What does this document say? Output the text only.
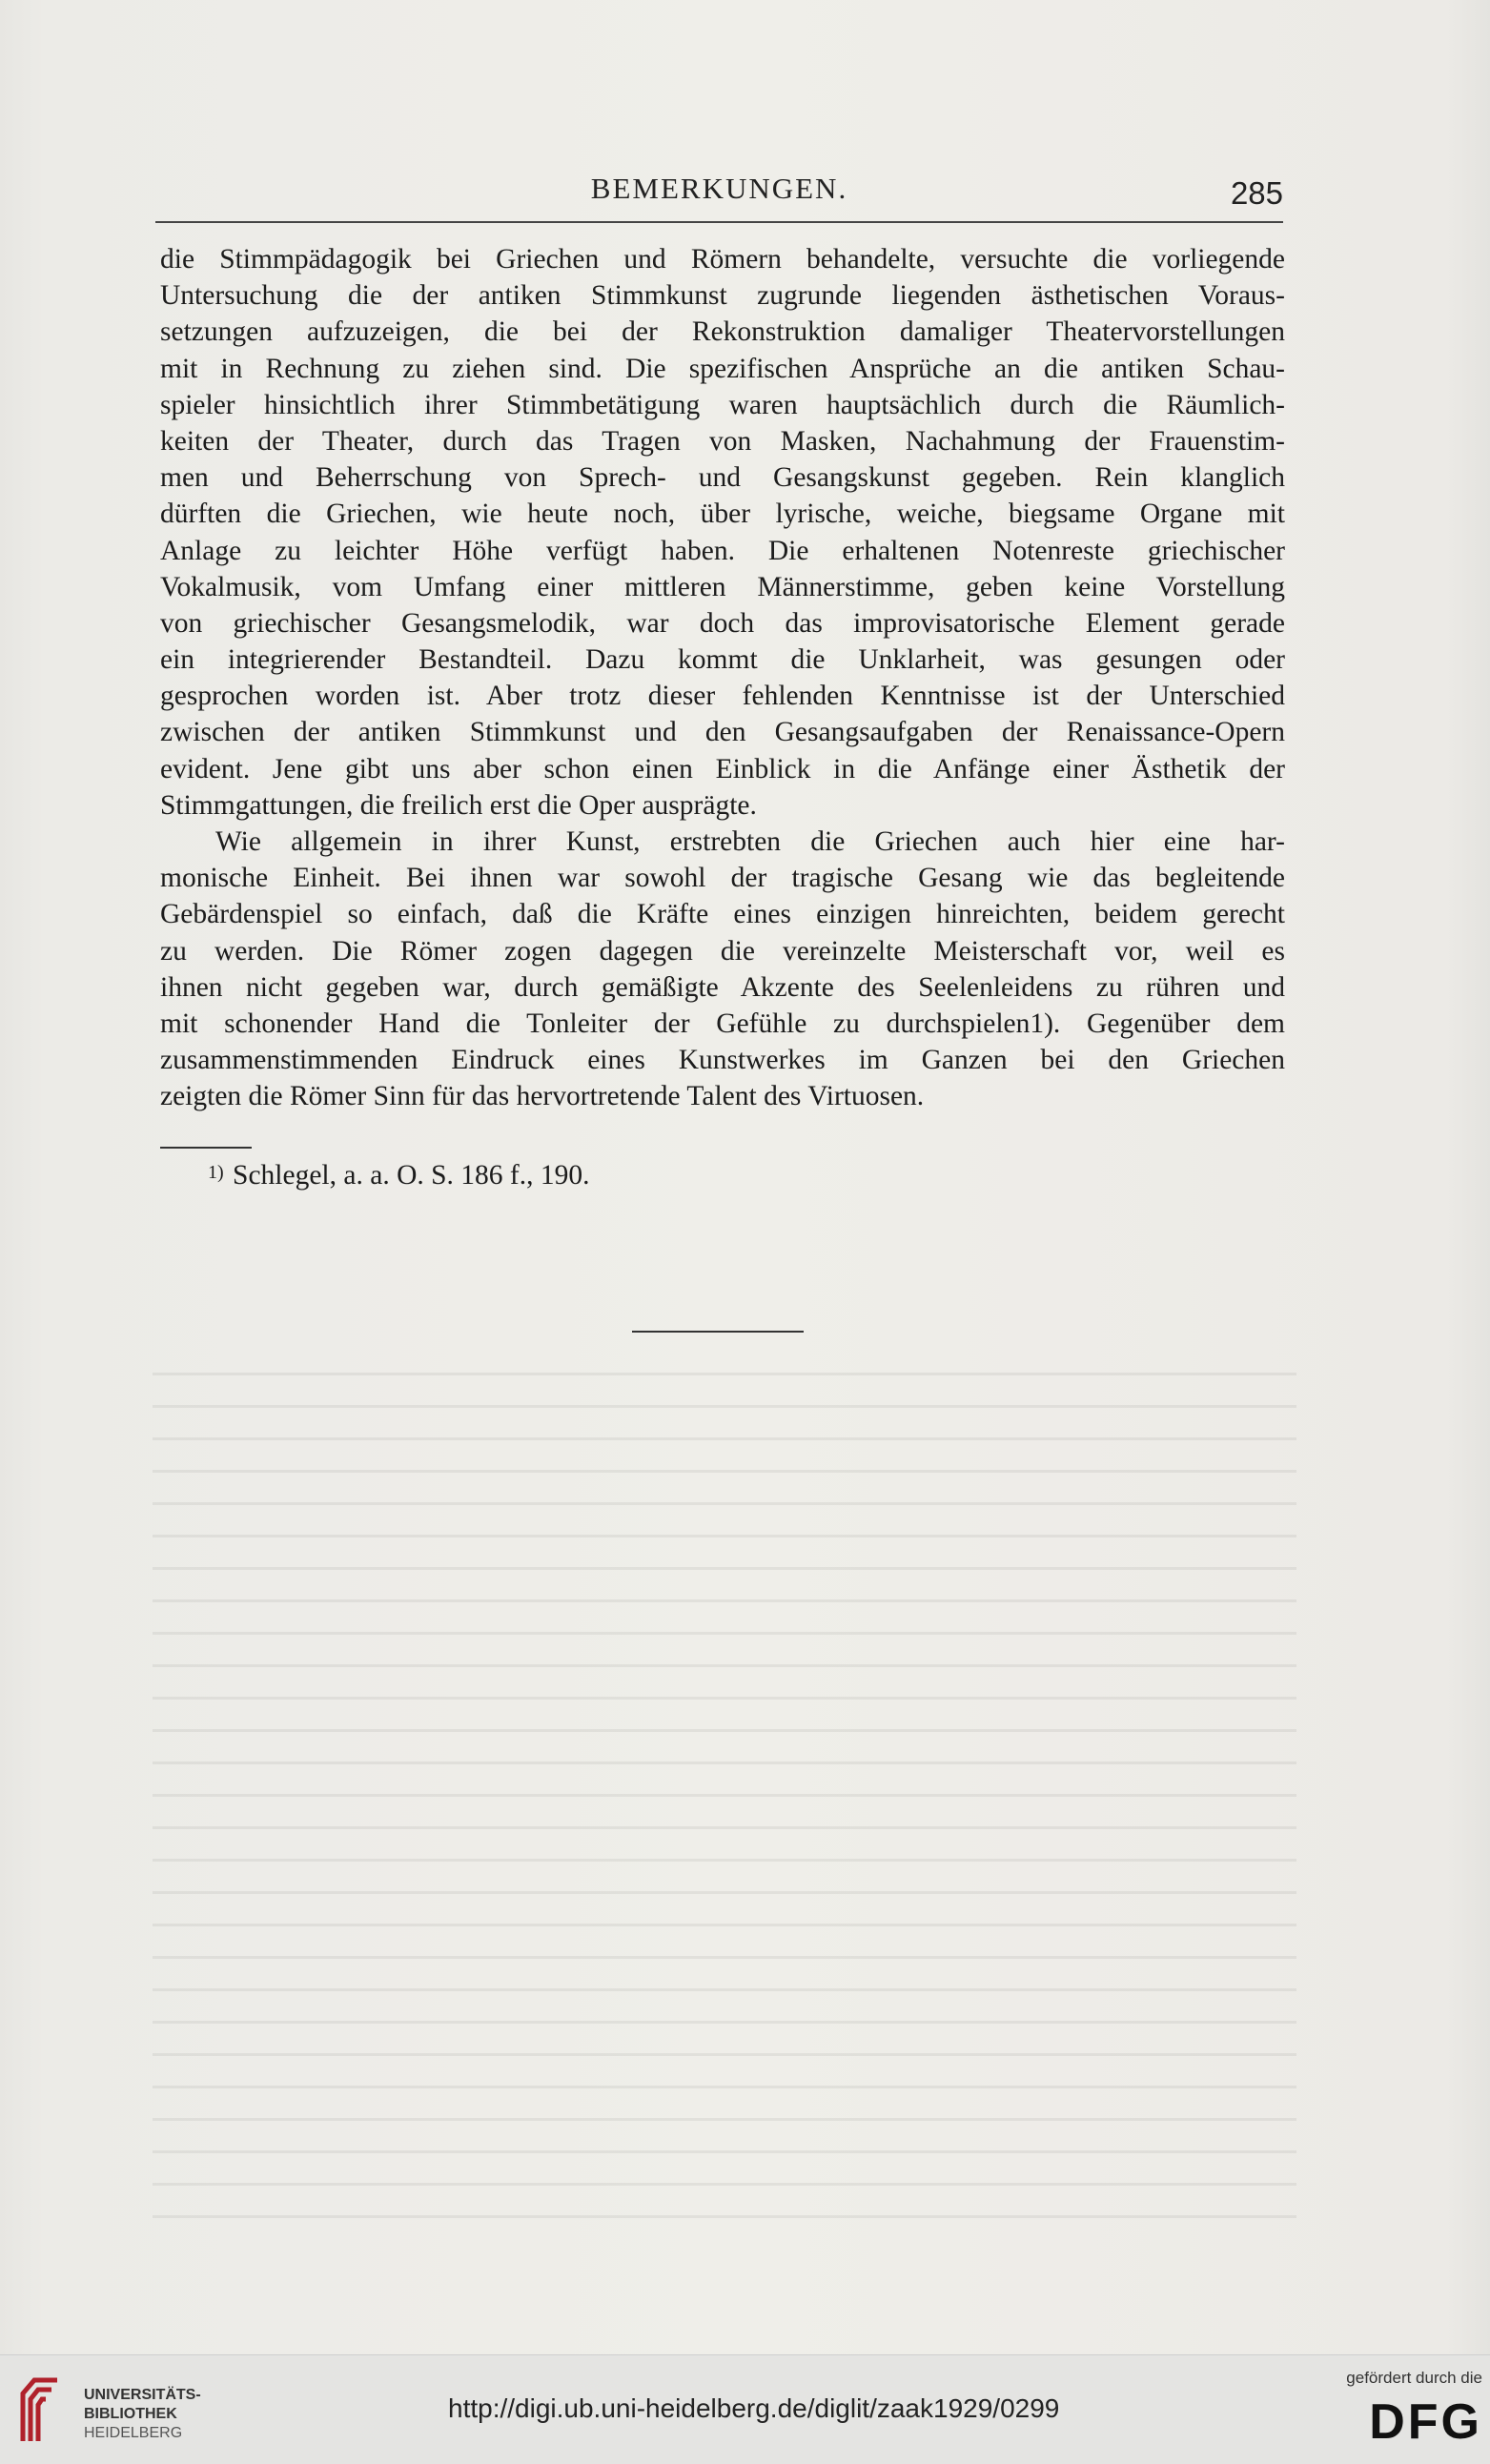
BEMERKUNGEN.	285
die Stimmpädagogik bei Griechen und Römern behandelte, versuchte die vorliegende
Untersuchung die der antiken Stimmkunst zugrunde liegenden ästhetischen Voraus-
setzungen aufzuzeigen, die bei der Rekonstruktion damaliger Theatervorstellungen
mit in Rechnung zu ziehen sind. Die spezifischen Ansprüche an die antiken Schau-
spieler hinsichtlich ihrer Stimmbetätigung waren hauptsächlich durch die Räumlich-
keiten der Theater, durch das Tragen von Masken, Nachahmung der Frauenstim-
men und Beherrschung von Sprech- und Gesangskunst gegeben. Rein klanglich
dürften die Griechen, wie heute noch, über lyrische, weiche, biegsame Organe mit
Anlage zu leichter Höhe verfügt haben. Die erhaltenen Notenreste griechischer
Vokalmusik, vom Umfang einer mittleren Männerstimme, geben keine Vorstellung
von griechischer Gesangsmelodik, war doch das improvisatorische Element gerade
ein integrierender Bestandteil. Dazu kommt die Unklarheit, was gesungen oder
gesprochen worden ist. Aber trotz dieser fehlenden Kenntnisse ist der Unterschied
zwischen der antiken Stimmkunst und den Gesangsaufgaben der Renaissance-Opern
evident. Jene gibt uns aber schon einen Einblick in die Anfänge einer Ästhetik der
Stimmgattungen, die freilich erst die Oper ausprägte.
Wie allgemein in ihrer Kunst, erstrebten die Griechen auch hier eine har-
monische Einheit. Bei ihnen war sowohl der tragische Gesang wie das begleitende
Gebärdenspiel so einfach, daß die Kräfte eines einzigen hinreichten, beidem gerecht
zu werden. Die Römer zogen dagegen die vereinzelte Meisterschaft vor, weil es
ihnen nicht gegeben war, durch gemäßigte Akzente des Seelenleidens zu rühren und
mit schonender Hand die Tonleiter der Gefühle zu durchspielen1). Gegenüber dem
zusammenstimmenden Eindruck eines Kunstwerkes im Ganzen bei den Griechen
zeigten die Römer Sinn für das hervortretende Talent des Virtuosen.
$^{1)}$ Schlegel, a. a. O. S. 186 f., 190.
UNIVERSITÄTS-
BIBLIOTHEK
HEIDELBERG
http://digi.ub.uni-heidelberg.de/diglit/zaak1929/0299
gefördert durch die
DFG
